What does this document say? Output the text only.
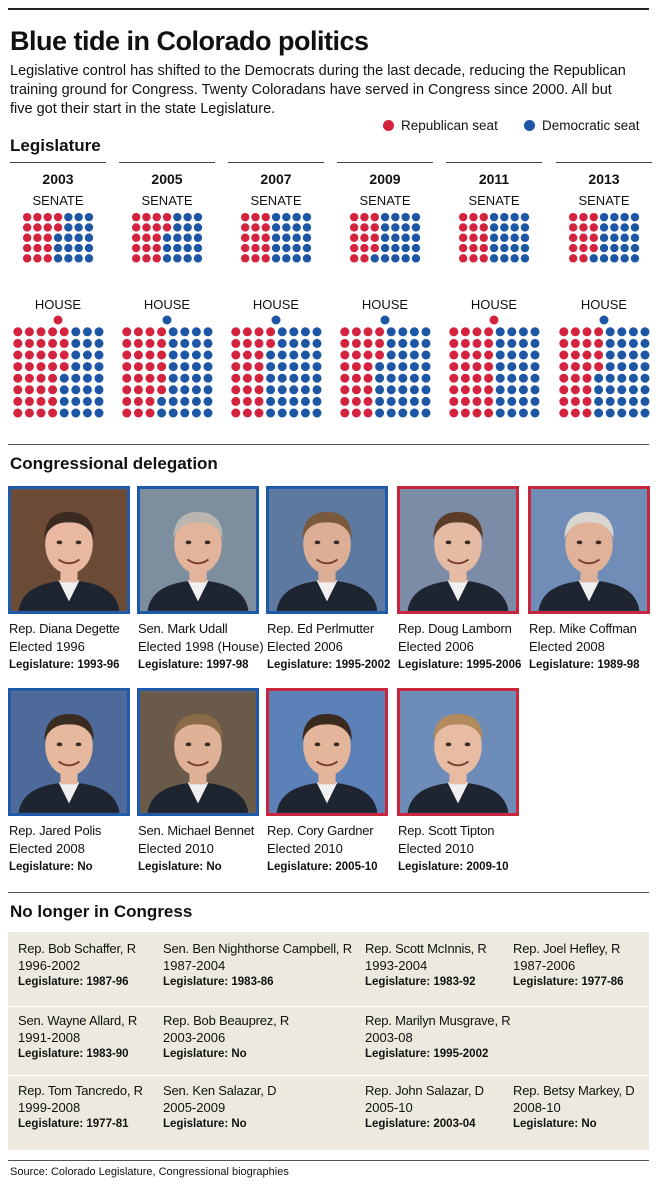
Blue tide in Colorado politics
Legislative control has shifted to the Democrats during the last decade, reducing the Republican training ground for Congress. Twenty Coloradans have served in Congress since 2000. All but five got their start in the state Legislature.
Republican seat	Democratic seat
Legislature
2003
SENATE
HOUSE
2005
SENATE
HOUSE
2007
SENATE
HOUSE
2009
SENATE
HOUSE
2011
SENATE
HOUSE
2013
SENATE
HOUSE
Congressional delegation
Rep. Diana Degette
Elected 1996
Legislature: 1993-96
Sen. Mark Udall
Elected 1998 (House)
Legislature: 1997-98
Rep. Ed Perlmutter
Elected 2006
Legislature: 1995-2002
Rep. Doug Lamborn
Elected 2006
Legislature: 1995-2006
Rep. Mike Coffman
Elected 2008
Legislature: 1989-98
Rep. Jared Polis
Elected 2008
Legislature: No
Sen. Michael Bennet
Elected 2010
Legislature: No
Rep. Cory Gardner
Elected 2010
Legislature: 2005-10
Rep. Scott Tipton
Elected 2010
Legislature: 2009-10
No longer in Congress
Rep. Bob Schaffer, R
1996-2002
Legislature: 1987-96
Sen. Ben Nighthorse Campbell, R
1987-2004
Legislature: 1983-86
Rep. Scott McInnis, R
1993-2004
Legislature: 1983-92
Rep. Joel Hefley, R
1987-2006
Legislature: 1977-86
Sen. Wayne Allard, R
1991-2008
Legislature: 1983-90
Rep. Bob Beauprez, R
2003-2006
Legislature: No
Rep. Marilyn Musgrave, R
2003-08
Legislature: 1995-2002
Rep. Tom Tancredo, R
1999-2008
Legislature: 1977-81
Sen. Ken Salazar, D
2005-2009
Legislature: No
Rep. John Salazar, D
2005-10
Legislature: 2003-04
Rep. Betsy Markey, D
2008-10
Legislature: No
Source: Colorado Legislature, Congressional biographies
